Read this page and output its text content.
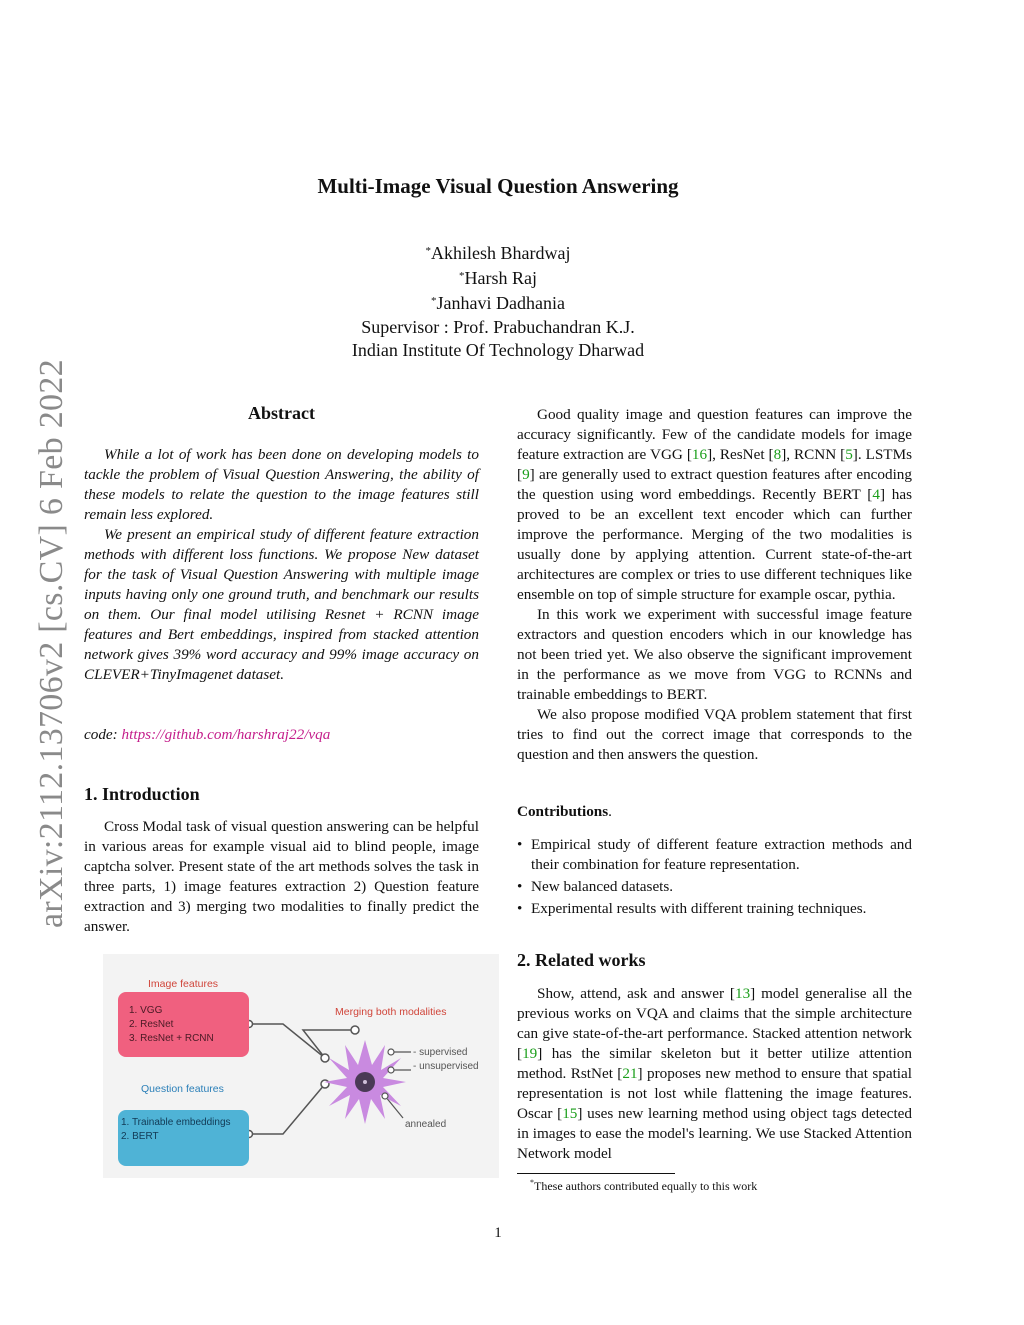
arXiv:2112.13706v2 [cs.CV] 6 Feb 2022
Multi-Image Visual Question Answering
*Akhilesh Bhardwaj
*Harsh Raj
*Janhavi Dadhania
Supervisor : Prof. Prabuchandran K.J.
Indian Institute Of Technology Dharwad
Abstract

While a lot of work has been done on developing models to tackle the problem of Visual Question Answering, the ability of these models to relate the question to the image features still remain less explored.

We present an empirical study of different feature extraction methods with different loss functions. We propose New dataset for the task of Visual Question Answering with multiple image inputs having only one ground truth, and benchmark our results on them. Our final model utilising Resnet + RCNN image features and Bert embeddings, inspired from stacked attention network gives 39% word accuracy and 99% image accuracy on CLEVER+TinyImagenet dataset.

code: https://github.com/harshraj22/vqa
1. Introduction

Cross Modal task of visual question answering can be helpful in various areas for example visual aid to blind people, image captcha solver. Present state of the art methods solves the task in three parts, 1) image features extraction 2) Question feature extraction and 3) merging two modalities to finally predict the answer.

Image features
1. VGG
2. ResNet
3. ResNet + RCNN
Question features
1. Trainable embeddings
2. BERT
Merging both modalities
- supervised
- unsupervised
annealed

Good quality image and question features can improve the accuracy significantly. Few of the candidate models for image feature extraction are VGG [16], ResNet [8], RCNN [5]. LSTMs [9] are generally used to extract question features after encoding the question using word embeddings. Recently BERT [4] has proved to be an excellent text encoder which can further improve the performance. Merging of the two modalities is usually done by applying attention. Current state-of-the-art architectures are complex or tries to use different techniques like ensemble on top of simple structure for example oscar, pythia.

In this work we experiment with successful image feature extractors and question encoders which in our knowledge has not been tried yet. We also observe the significant improvement in the performance as we move from VGG to RCNNs and trainable embeddings to BERT.

We also propose modified VQA problem statement that first tries to find out the correct image that corresponds to the question and then answers the question.

Contributions.
• Empirical study of different feature extraction methods and their combination for feature representation.
• New balanced datasets.
• Experimental results with different training techniques.
2. Related works

Show, attend, ask and answer [13] model generalise all the previous works on VQA and claims that the simple architecture can give state-of-the-art performance. Stacked attention network [19] has the similar skeleton but it better utilize attention method. RstNet [21] proposes new method to ensure that spatial representation is not lost while flattening the image features. Oscar [15] uses new learning method using object tags detected in images to ease the model's learning. We use Stacked Attention Network model

*These authors contributed equally to this work
1
